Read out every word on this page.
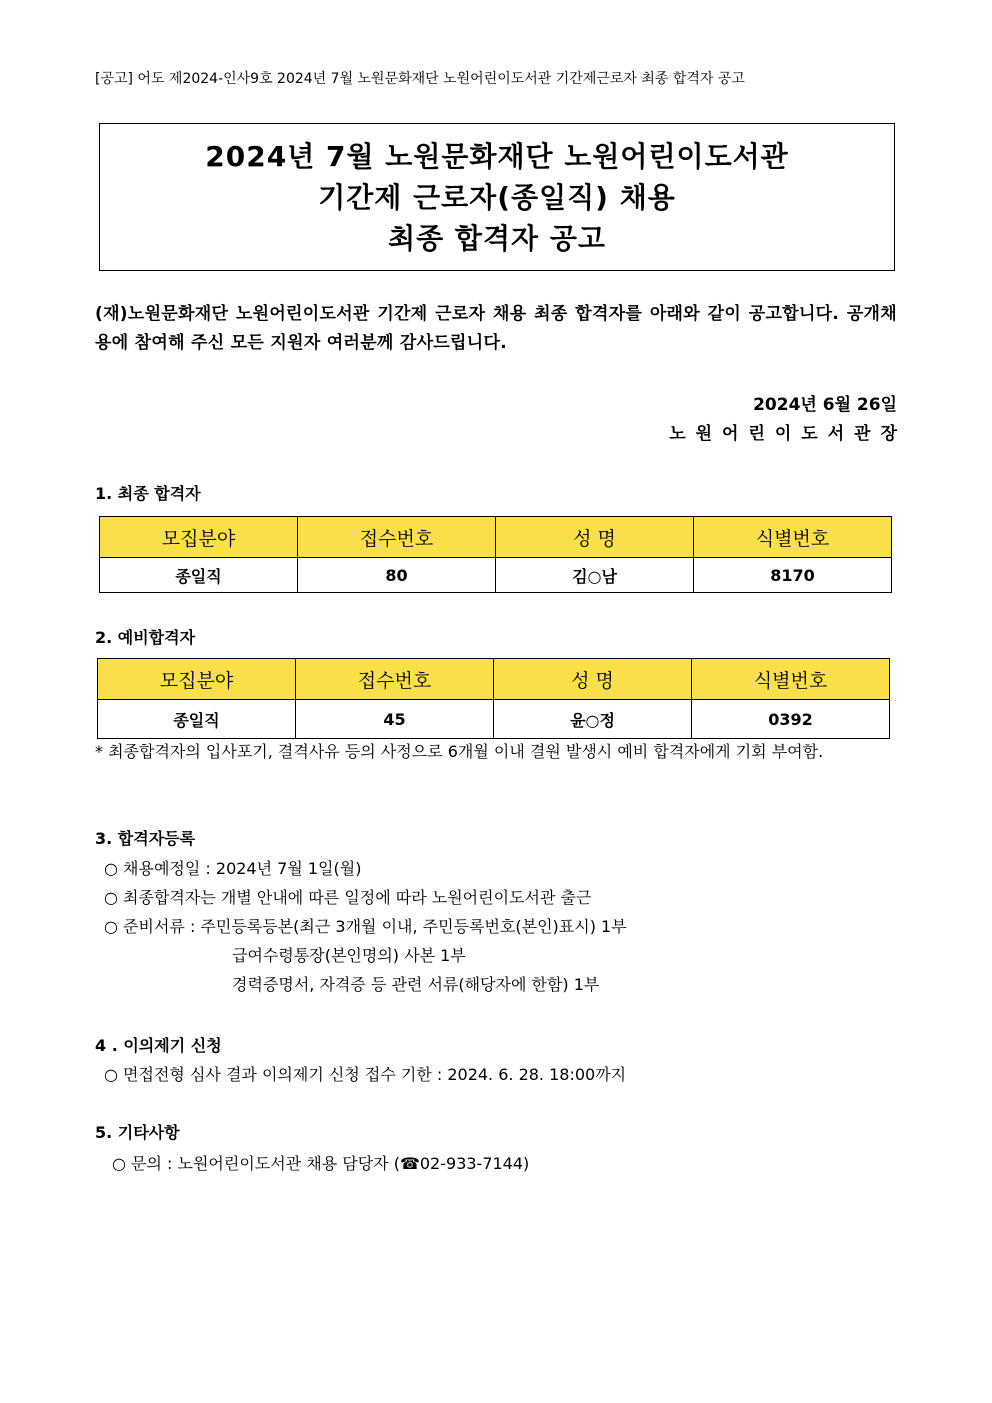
[공고] 어도 제2024-인사9호 2024년 7월 노원문화재단 노원어린이도서관 기간제근로자 최종 합격자 공고
2024년 7월 노원문화재단 노원어린이도서관
기간제 근로자(종일직) 채용
최종 합격자 공고
(재)노원문화재단 노원어린이도서관 기간제 근로자 채용 최종 합격자를 아래와 같이 공고합니다. 공개채용에 참여해 주신 모든 지원자 여러분께 감사드립니다.
2024년 6월 26일
노원어린이도서관장
1. 최종 합격자
모집분야	접수번호	성 명	식별번호
종일직	80	김○남	8170
2. 예비합격자
모집분야	접수번호	성 명	식별번호
종일직	45	윤○정	0392
* 최종합격자의 입사포기, 결격사유 등의 사정으로 6개월 이내 결원 발생시 예비 합격자에게 기회 부여함.
3. 합격자등록
○ 채용예정일 : 2024년 7월 1일(월)
○ 최종합격자는 개별 안내에 따른 일정에 따라 노원어린이도서관 출근
○ 준비서류 : 주민등록등본(최근 3개월 이내, 주민등록번호(본인)표시) 1부
급여수령통장(본인명의) 사본 1부
경력증명서, 자격증 등 관련 서류(해당자에 한함) 1부
4 . 이의제기 신청
○ 면접전형 심사 결과 이의제기 신청 접수 기한 : 2024. 6. 28. 18:00까지
5. 기타사항
○ 문의 : 노원어린이도서관 채용 담당자 (☎02-933-7144)
